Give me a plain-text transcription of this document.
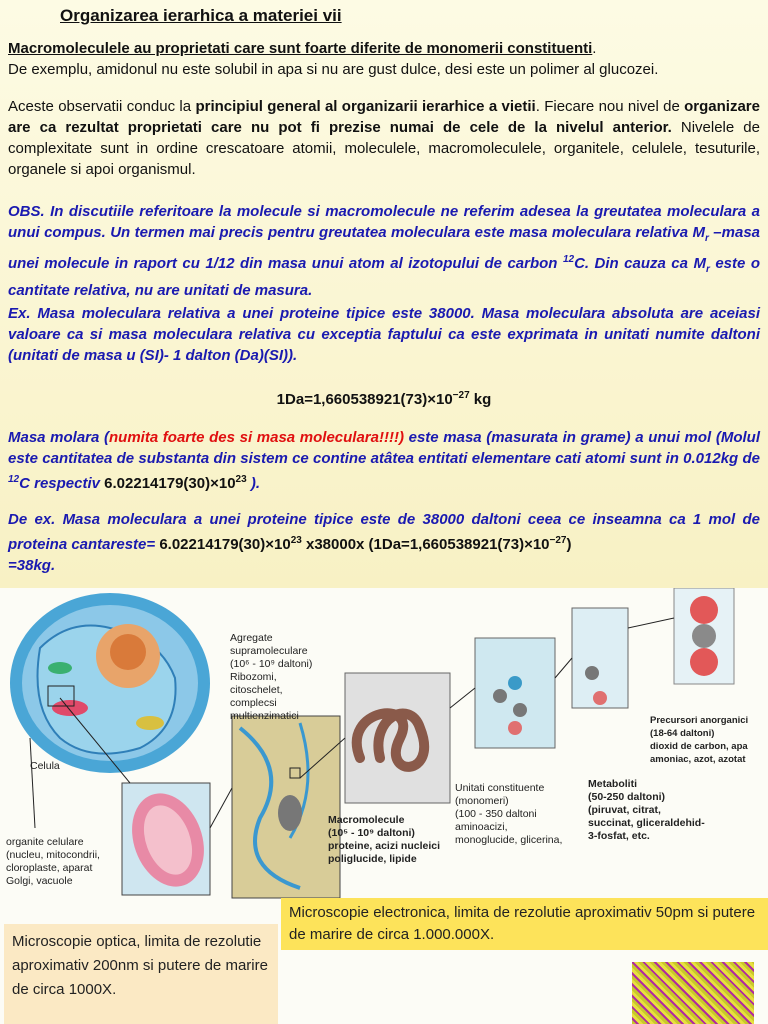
Organizarea ierarhica a materiei vii
Macromoleculele au proprietati care sunt foarte diferite de monomerii constituenti.
De exemplu, amidonul nu este solubil in apa si nu are gust dulce, desi este un polimer al glucozei.
Aceste observatii conduc la principiul general al organizarii ierarhice a vietii. Fiecare nou nivel de organizare are ca rezultat proprietati care nu pot fi prezise numai de cele de la nivelul anterior. Nivelele de complexitate sunt in ordine crescatoare atomii, moleculele, macromoleculele, organitele, celulele, tesuturile, organele si apoi organismul.
OBS. In discutiile referitoare la molecule si macromolecule ne referim adesea la greutatea moleculara a unui compus. Un termen mai precis pentru greutatea moleculara este masa moleculara relativa $M_r$ –masa unei molecule in raport cu 1/12 din masa unui atom al izotopului de carbon $^{12}$C. Din cauza ca $M_r$ este o cantitate relativa, nu are unitati de masura.
Ex. Masa moleculara relativa a unei proteine tipice este 38000. Masa moleculara absoluta are aceiasi valoare ca si masa moleculara relativa cu exceptia faptului ca este exprimata in unitati numite daltoni (unitati de masa u (SI)- 1 dalton (Da)(SI)).
$1Da=1,660538921(73)\times 10^{-27}$ kg
Masa molara (numita foarte des si masa moleculara!!!!) este masa (masurata in grame) a unui mol (Molul este cantitatea de substanta din sistem ce contine atâtea entitati elementare cati atomi sunt in 0.012kg de $^{12}$C respectiv $6.02214179(30)\times 10^{23}$ ).
De ex. Masa moleculara a unei proteine tipice este de 38000 daltoni ceea ce inseamna ca 1 mol de proteina cantareste= $6.02214179(30)\times 10^{23}$ x38000x $(1Da=1,660538921(73)\times 10^{-27})$
=38kg.
Celula
Agregate
supramoleculare
(10⁶ - 10⁹ daltoni)
Ribozomi,
citoschelet,
complecsi
multienzimatici
organite celulare
(nucleu, mitocondrii,
cloroplaste, aparat
Golgi, vacuole
Macromolecule
(10⁵ - 10⁹ daltoni)
proteine, acizi nucleici
poliglucide, lipide
Unitati constituente
(monomeri)
(100 - 350 daltoni
aminoacizi,
monoglucide, glicerina,
Metaboliti
(50-250 daltoni)
(piruvat, citrat,
succinat, gliceraldehid-
3-fosfat, etc.
Precursori anorganici
(18-64 daltoni)
dioxid de carbon, apa
amoniac, azot, azotat
Microscopie optica, limita de rezolutie aproximativ 200nm si putere de marire de circa 1000X.
Microscopie electronica, limita de rezolutie aproximativ 50pm si putere de marire de circa 1.000.000X.
